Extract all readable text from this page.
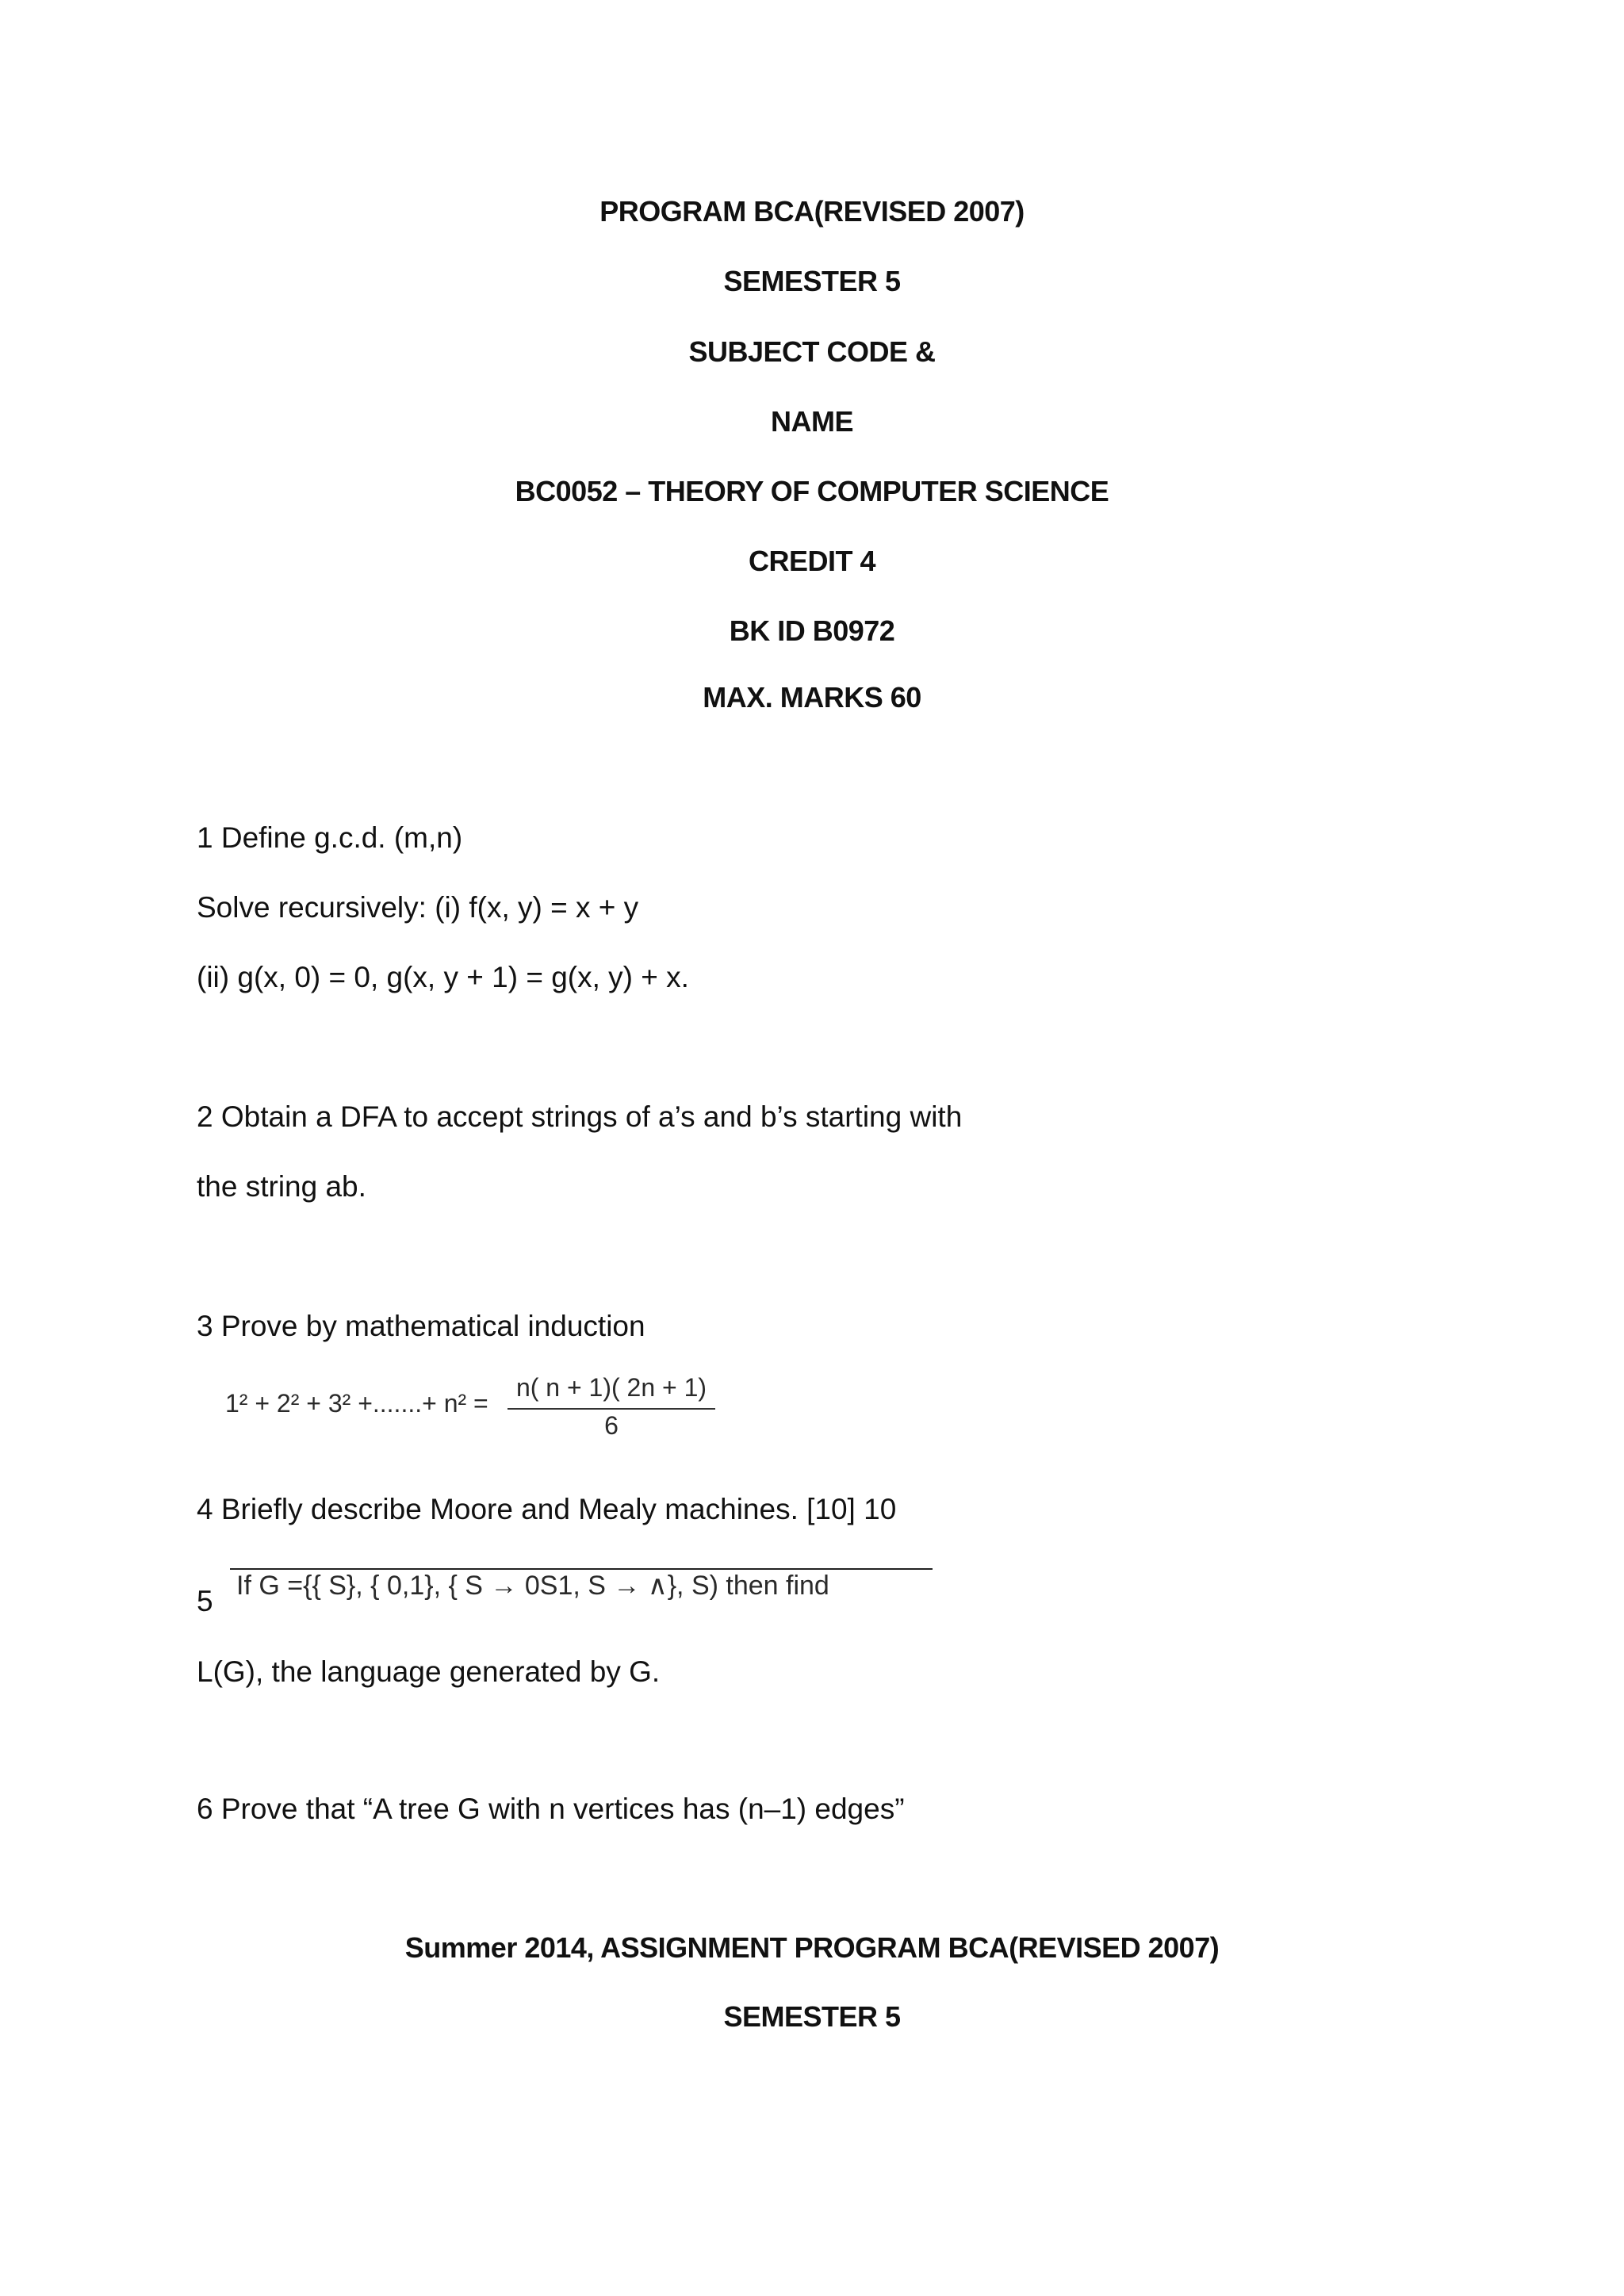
PROGRAM BCA(REVISED 2007)
SEMESTER 5
SUBJECT CODE &
NAME
BC0052 – THEORY OF COMPUTER SCIENCE
CREDIT 4
BK ID B0972
MAX. MARKS 60
1 Define g.c.d. (m,n)
Solve recursively: (i) f(x, y) = x + y
(ii) g(x, 0) = 0, g(x, y + 1) = g(x, y) + x.
2 Obtain a DFA to accept strings of a’s and b’s starting with
the string ab.
3 Prove by mathematical induction
1² + 2² + 3² +.......+ n² =
n( n + 1)( 2n + 1)
6
4 Briefly describe Moore and Mealy machines. [10] 10
5 If G ={{ S}, { 0,1}, { S → 0S1, S → ∧}, S) then find
L(G), the language generated by G.
6 Prove that “A tree G with n vertices has (n–1) edges”
Summer 2014, ASSIGNMENT PROGRAM BCA(REVISED 2007)
SEMESTER 5
